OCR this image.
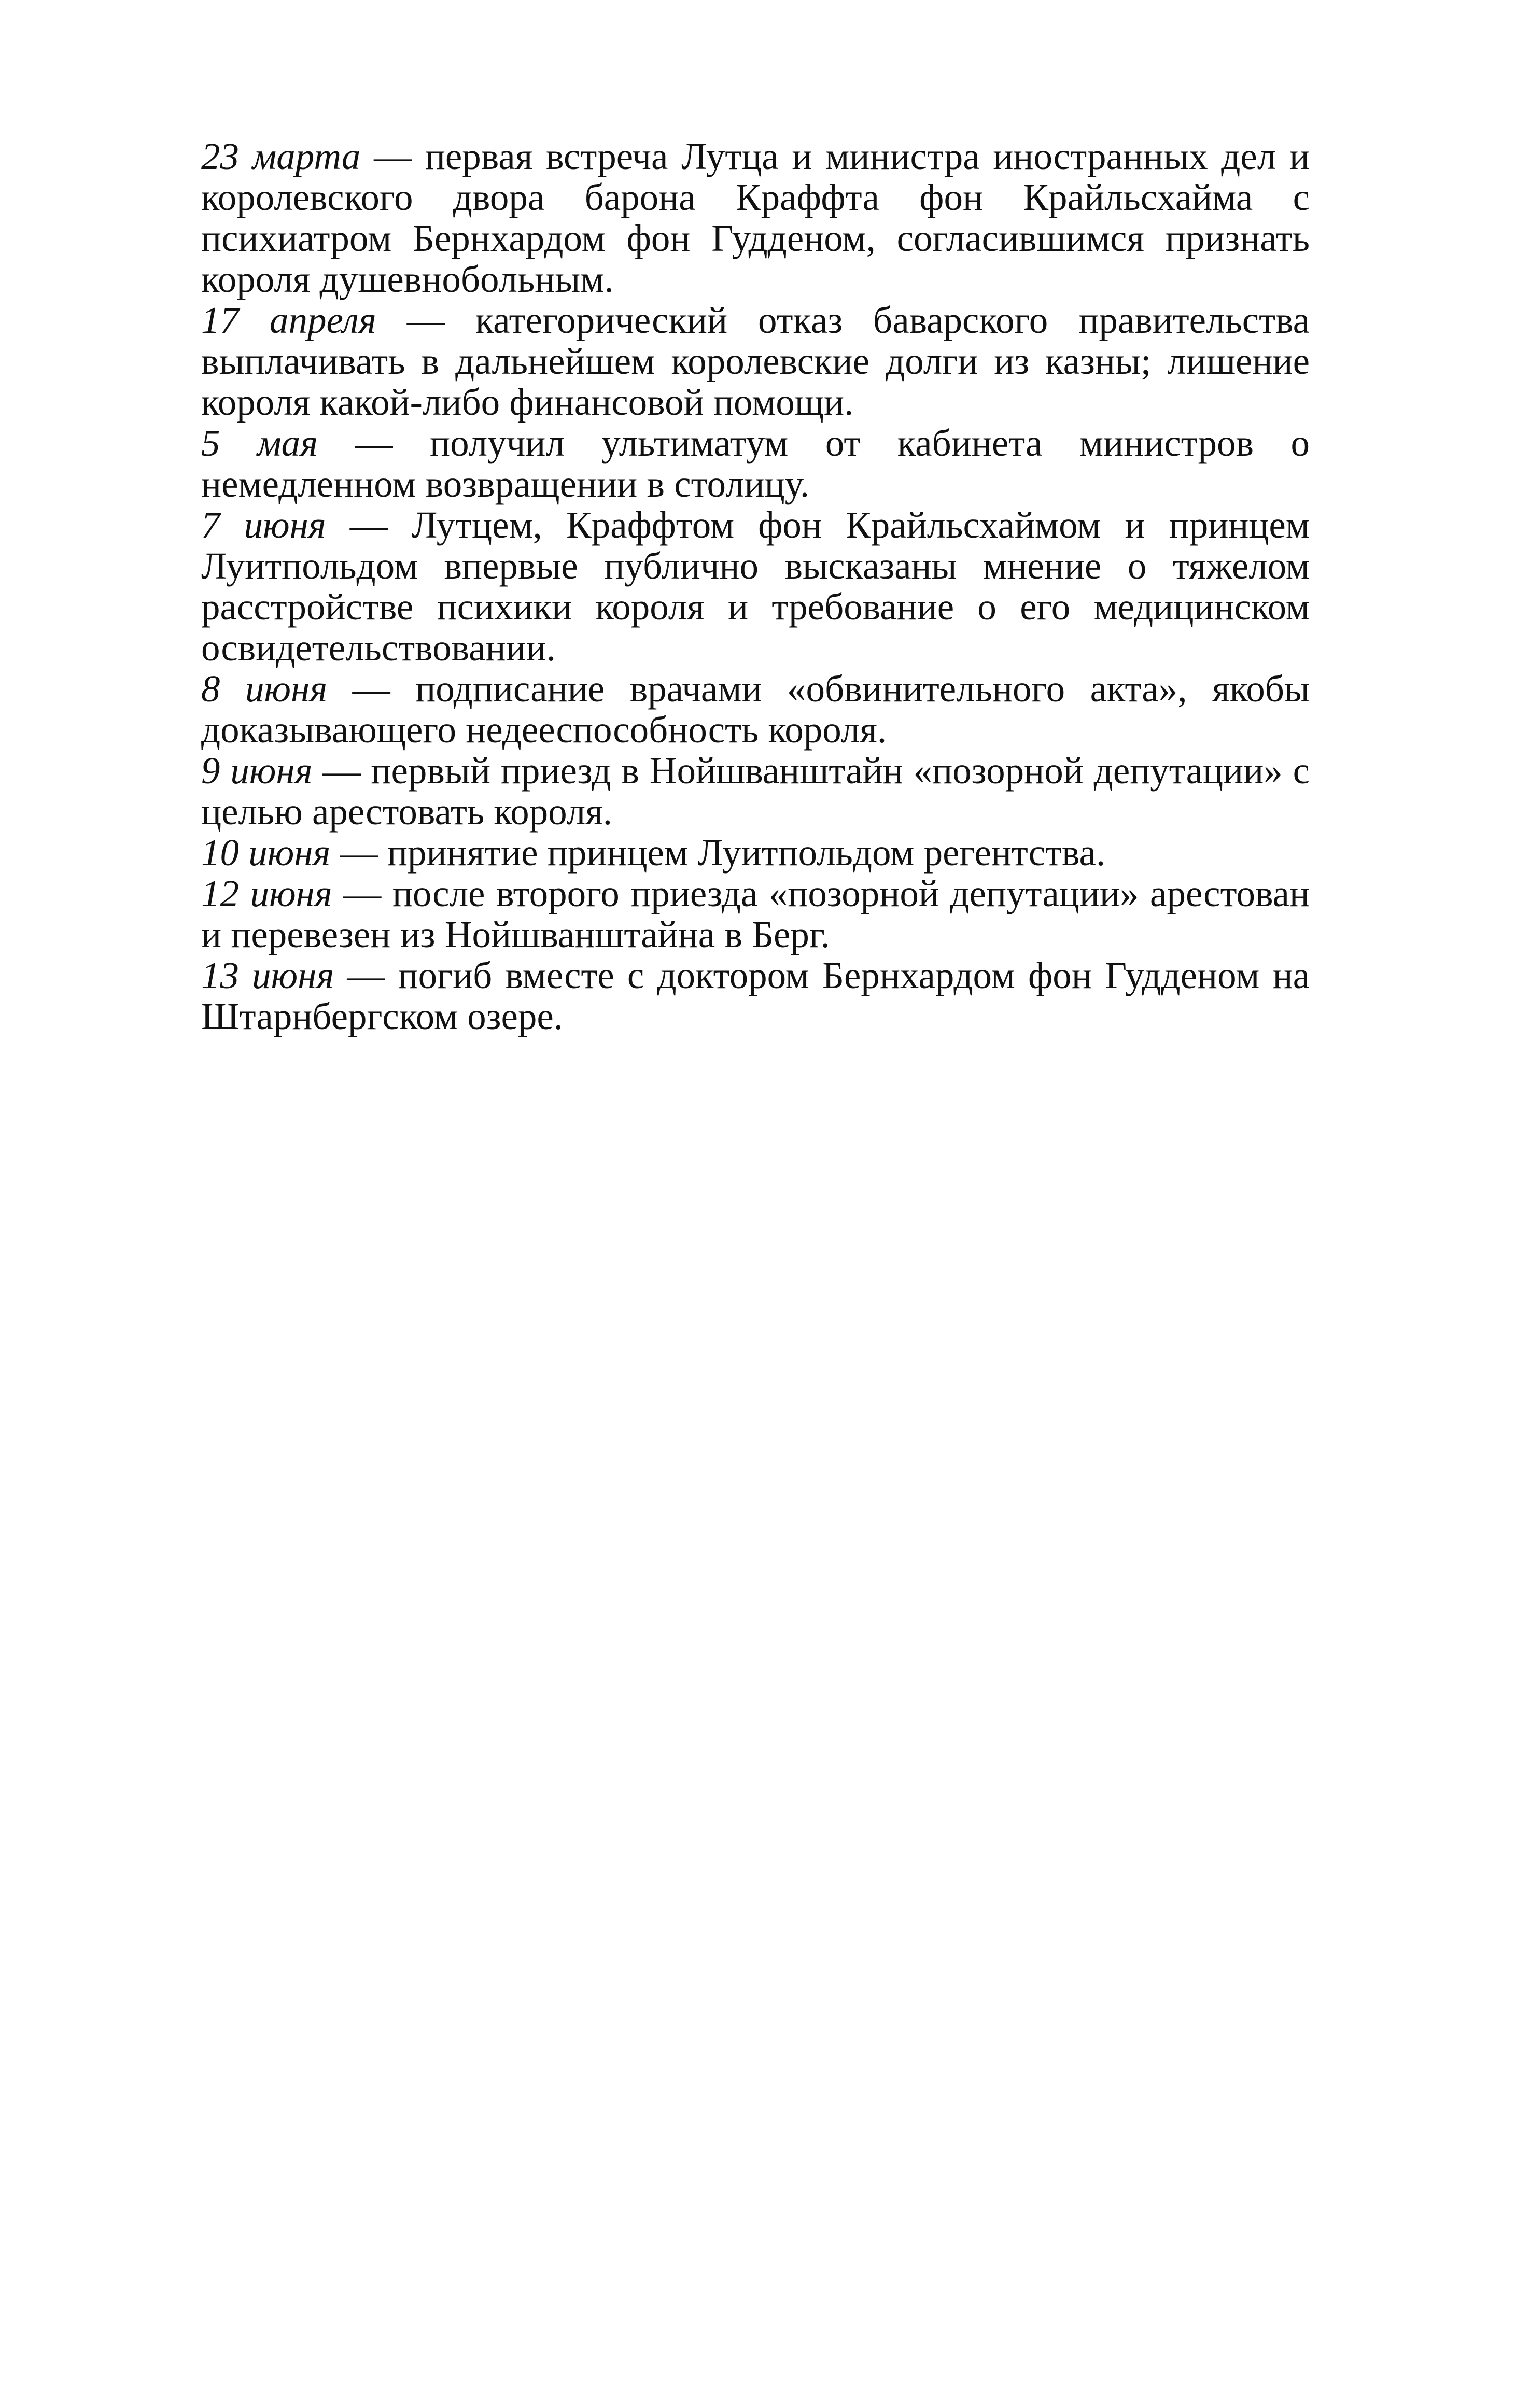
23 марта — первая встреча Лутца и министра иностранных дел и королевского двора барона Краффта фон Крайльсхайма с психиатром Бернхардом фон Гудденом, согласившимся признать короля душевнобольным.

17 апреля — категорический отказ баварского правительства выплачивать в дальнейшем королевские долги из казны; лишение короля какой-либо финансовой помощи.

5 мая — получил ультиматум от кабинета министров о немедленном возвращении в столицу.

7 июня — Лутцем, Краффтом фон Крайльсхаймом и принцем Луитпольдом впервые публично высказаны мнение о тяжелом расстройстве психики короля и требование о его медицинском освидетельствовании.

8 июня — подписание врачами «обвинительного акта», якобы доказывающего недееспособность короля.

9 июня — первый приезд в Нойшванштайн «позорной депутации» с целью арестовать короля.

10 июня — принятие принцем Луитпольдом регентства.

12 июня — после второго приезда «позорной депутации» арестован и перевезен из Нойшванштайна в Берг.

13 июня — погиб вместе с доктором Бернхардом фон Гудденом на Штарнбергском озере.
